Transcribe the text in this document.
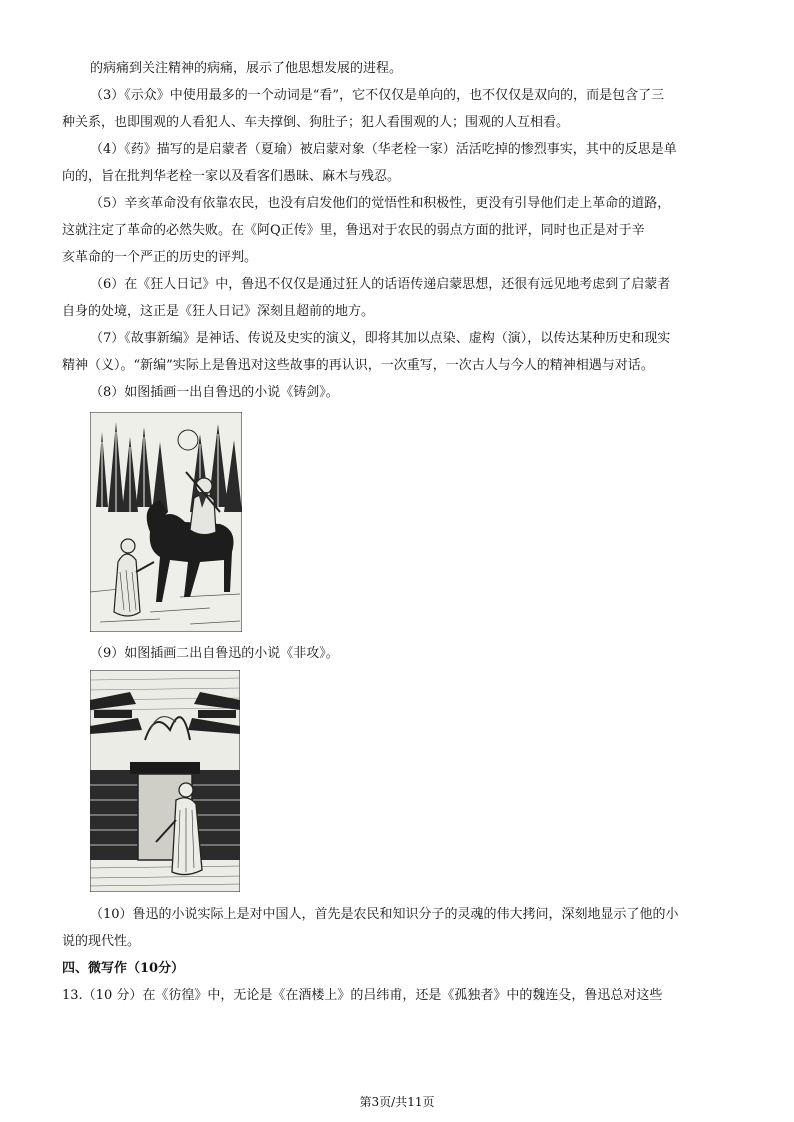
的病痛到关注精神的病痛，展示了他思想发展的进程。
（3）《示众》中使用最多的一个动词是“看”，它不仅仅是单向的，也不仅仅是双向的，而是包含了三
种关系，也即围观的人看犯人、车夫撑倒、狗肚子；犯人看围观的人；围观的人互相看。
（4）《药》描写的是启蒙者（夏瑜）被启蒙对象（华老栓一家）活活吃掉的惨烈事实，其中的反思是单
向的，旨在批判华老栓一家以及看客们愚昧、麻木与残忍。
（5）辛亥革命没有依靠农民，也没有启发他们的觉悟性和积极性，更没有引导他们走上革命的道路，
这就注定了革命的必然失败。在《阿Q正传》里，鲁迅对于农民的弱点方面的批评，同时也正是对于辛
亥革命的一个严正的历史的评判。
（6）在《狂人日记》中，鲁迅不仅仅是通过狂人的话语传递启蒙思想，还很有远见地考虑到了启蒙者
自身的处境，这正是《狂人日记》深刻且超前的地方。
（7）《故事新编》是神话、传说及史实的演义，即将其加以点染、虚构（演），以传达某种历史和现实
精神（义）。“新编”实际上是鲁迅对这些故事的再认识，一次重写，一次古人与今人的精神相遇与对话。
（8）如图插画一出自鲁迅的小说《铸剑》。
（9）如图插画二出自鲁迅的小说《非攻》。
（10）鲁迅的小说实际上是对中国人，首先是农民和知识分子的灵魂的伟大拷问，深刻地显示了他的小
说的现代性。
四、微写作（10分）
13.（10 分）在《彷徨》中，无论是《在酒楼上》的吕纬甫，还是《孤独者》中的魏连殳，鲁迅总对这些
第3页/共11页
